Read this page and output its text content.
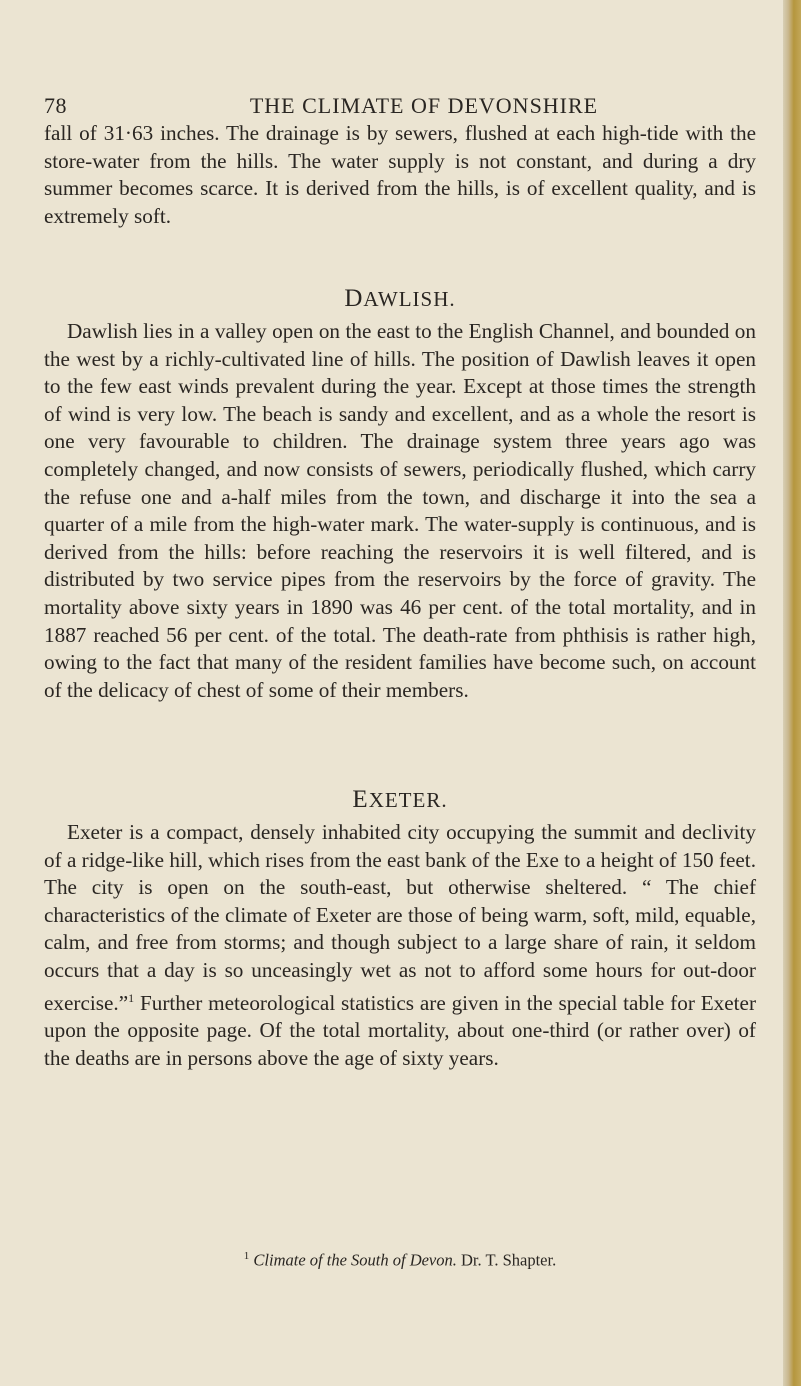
78	THE CLIMATE OF DEVONSHIRE

fall of 31·63 inches. The drainage is by sewers, flushed at each high-tide with the store-water from the hills. The water supply is not constant, and during a dry summer becomes scarce. It is derived from the hills, is of excellent quality, and is extremely soft.

DAWLISH.

Dawlish lies in a valley open on the east to the English Channel, and bounded on the west by a richly-cultivated line of hills. The position of Dawlish leaves it open to the few east winds prevalent during the year. Except at those times the strength of wind is very low. The beach is sandy and excellent, and as a whole the resort is one very favourable to children. The drainage system three years ago was completely changed, and now consists of sewers, periodically flushed, which carry the refuse one and a-half miles from the town, and discharge it into the sea a quarter of a mile from the high-water mark. The water-supply is continuous, and is derived from the hills: before reaching the reservoirs it is well filtered, and is distributed by two service pipes from the reservoirs by the force of gravity. The mortality above sixty years in 1890 was 46 per cent. of the total mortality, and in 1887 reached 56 per cent. of the total. The death-rate from phthisis is rather high, owing to the fact that many of the resident families have become such, on account of the delicacy of chest of some of their members.

EXETER.

Exeter is a compact, densely inhabited city occupying the summit and declivity of a ridge-like hill, which rises from the east bank of the Exe to a height of 150 feet. The city is open on the south-east, but otherwise sheltered. “ The chief characteristics of the climate of Exeter are those of being warm, soft, mild, equable, calm, and free from storms; and though subject to a large share of rain, it seldom occurs that a day is so unceasingly wet as not to afford some hours for out-door exercise.”$^1$ Further meteorological statistics are given in the special table for Exeter upon the opposite page. Of the total mortality, about one-third (or rather over) of the deaths are in persons above the age of sixty years.

$^1$ Climate of the South of Devon. Dr. T. Shapter.
